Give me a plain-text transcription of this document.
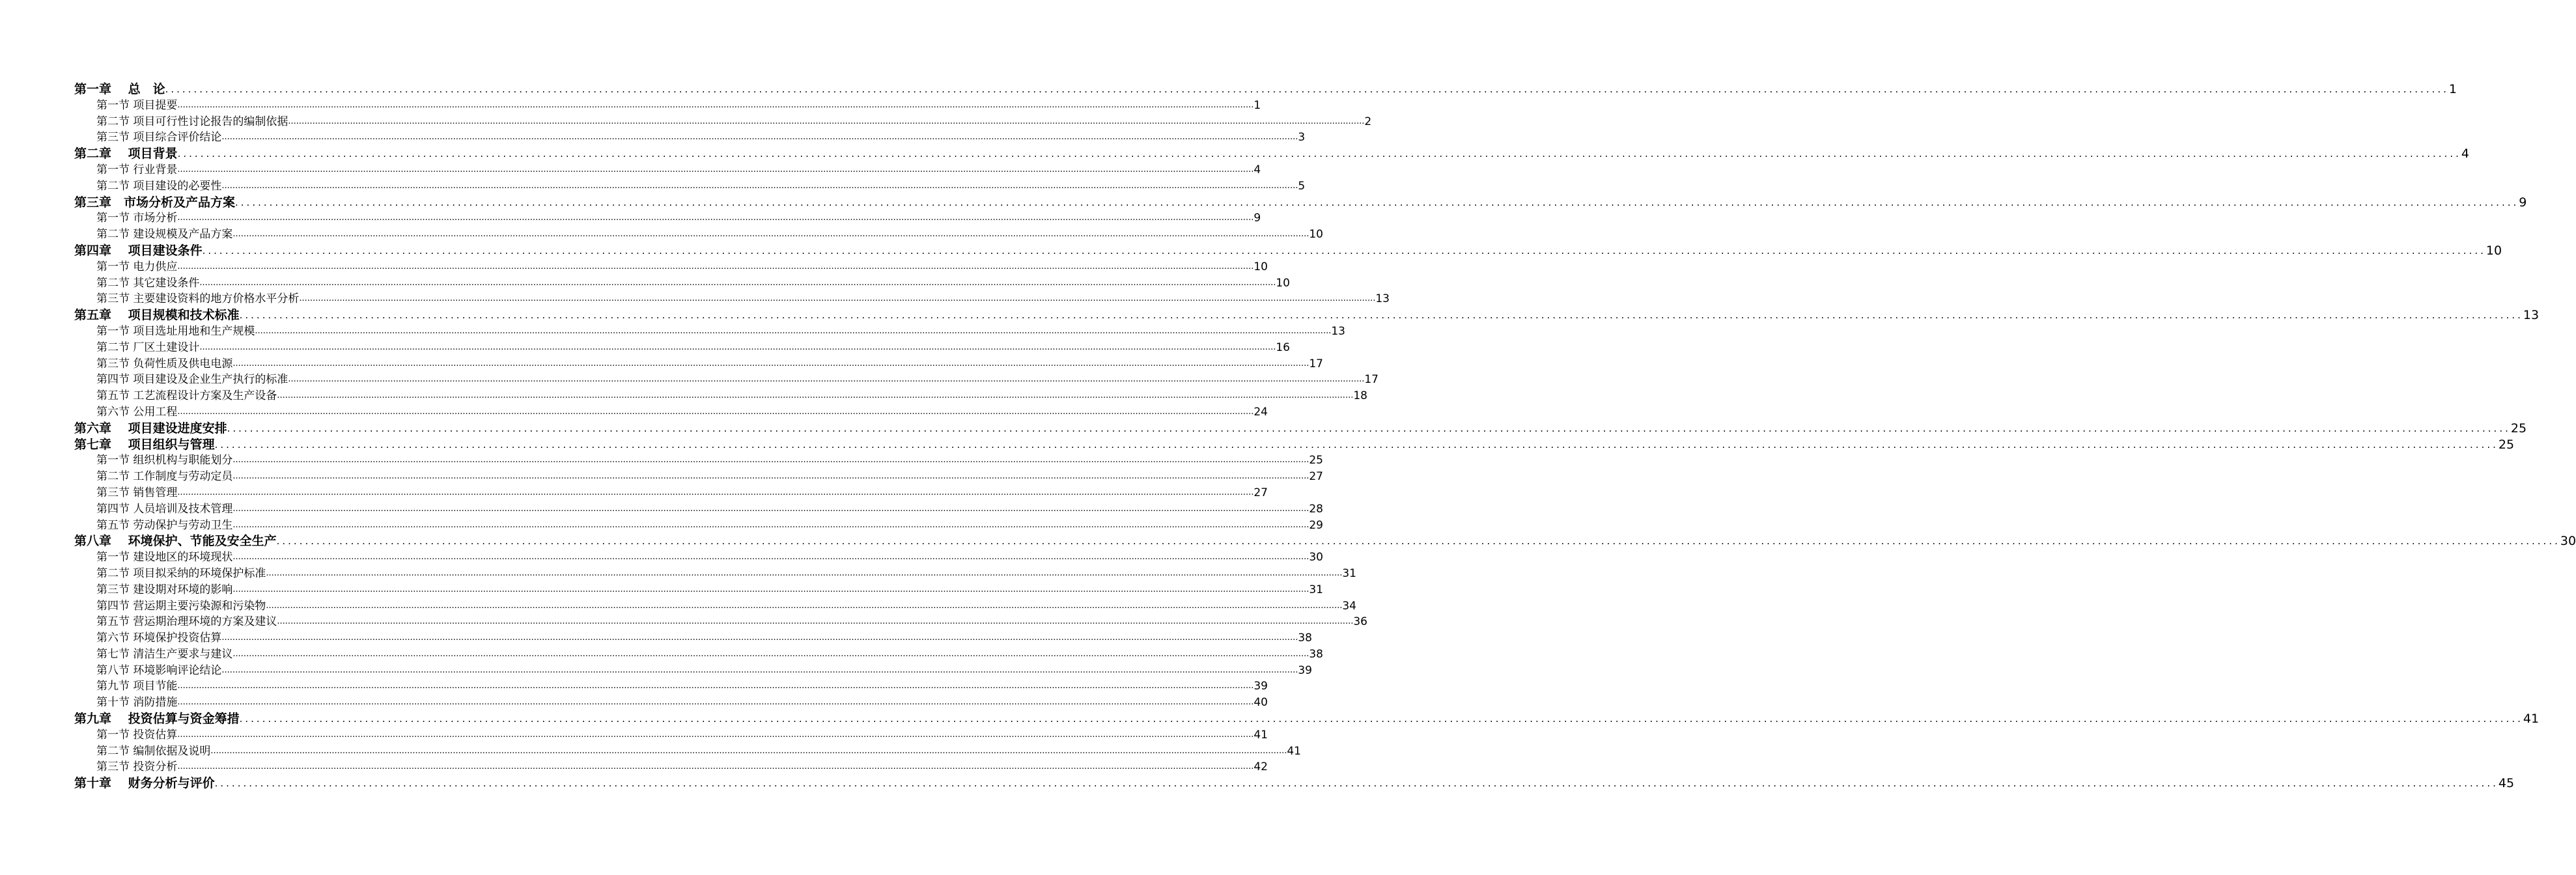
第一章　 总　论 ................................................................................................................................................................................................................................................................................................................................................................................................................ 1
第一节 项目提要 ................................................................................................................................................................................................................................................................................................................................................................................................................ 1
第二节 项目可行性讨论报告的编制依据 ................................................................................................................................................................................................................................................................................................................................................................................................................ 2
第三节 项目综合评价结论 ................................................................................................................................................................................................................................................................................................................................................................................................................ 3
第二章　 项目背景 ................................................................................................................................................................................................................................................................................................................................................................................................................ 4
第一节 行业背景 ................................................................................................................................................................................................................................................................................................................................................................................................................ 4
第二节 项目建设的必要性 ................................................................................................................................................................................................................................................................................................................................................................................................................ 5
第三章　市场分析及产品方案 ................................................................................................................................................................................................................................................................................................................................................................................................................ 9
第一节 市场分析 ................................................................................................................................................................................................................................................................................................................................................................................................................ 9
第二节 建设规模及产品方案 ................................................................................................................................................................................................................................................................................................................................................................................................................ 10
第四章　 项目建设条件 ................................................................................................................................................................................................................................................................................................................................................................................................................ 10
第一节 电力供应 ................................................................................................................................................................................................................................................................................................................................................................................................................ 10
第二节 其它建设条件 ................................................................................................................................................................................................................................................................................................................................................................................................................ 10
第三节 主要建设资料的地方价格水平分析 ................................................................................................................................................................................................................................................................................................................................................................................................................ 13
第五章　 项目规模和技术标准 ................................................................................................................................................................................................................................................................................................................................................................................................................ 13
第一节 项目选址用地和生产规模 ................................................................................................................................................................................................................................................................................................................................................................................................................ 13
第二节 厂区土建设计 ................................................................................................................................................................................................................................................................................................................................................................................................................ 16
第三节 负荷性质及供电电源 ................................................................................................................................................................................................................................................................................................................................................................................................................ 17
第四节 项目建设及企业生产执行的标准 ................................................................................................................................................................................................................................................................................................................................................................................................................ 17
第五节 工艺流程设计方案及生产设备 ................................................................................................................................................................................................................................................................................................................................................................................................................ 18
第六节 公用工程 ................................................................................................................................................................................................................................................................................................................................................................................................................ 24
第六章　 项目建设进度安排 ................................................................................................................................................................................................................................................................................................................................................................................................................ 25
第七章　 项目组织与管理 ................................................................................................................................................................................................................................................................................................................................................................................................................ 25
第一节 组织机构与职能划分 ................................................................................................................................................................................................................................................................................................................................................................................................................ 25
第二节 工作制度与劳动定员 ................................................................................................................................................................................................................................................................................................................................................................................................................ 27
第三节 销售管理 ................................................................................................................................................................................................................................................................................................................................................................................................................ 27
第四节 人员培训及技术管理 ................................................................................................................................................................................................................................................................................................................................................................................................................ 28
第五节 劳动保护与劳动卫生 ................................................................................................................................................................................................................................................................................................................................................................................................................ 29
第八章　 环境保护、节能及安全生产 ................................................................................................................................................................................................................................................................................................................................................................................................................ 30
第一节 建设地区的环境现状 ................................................................................................................................................................................................................................................................................................................................................................................................................ 30
第二节 项目拟采纳的环境保护标准 ................................................................................................................................................................................................................................................................................................................................................................................................................ 31
第三节 建设期对环境的影响 ................................................................................................................................................................................................................................................................................................................................................................................................................ 31
第四节 营运期主要污染源和污染物 ................................................................................................................................................................................................................................................................................................................................................................................................................ 34
第五节 营运期治理环境的方案及建议 ................................................................................................................................................................................................................................................................................................................................................................................................................ 36
第六节 环境保护投资估算 ................................................................................................................................................................................................................................................................................................................................................................................................................ 38
第七节 清洁生产要求与建议 ................................................................................................................................................................................................................................................................................................................................................................................................................ 38
第八节 环境影响评论结论 ................................................................................................................................................................................................................................................................................................................................................................................................................ 39
第九节 项目节能 ................................................................................................................................................................................................................................................................................................................................................................................................................ 39
第十节 消防措施 ................................................................................................................................................................................................................................................................................................................................................................................................................ 40
第九章　 投资估算与资金筹措 ................................................................................................................................................................................................................................................................................................................................................................................................................ 41
第一节 投资估算 ................................................................................................................................................................................................................................................................................................................................................................................................................ 41
第二节 编制依据及说明 ................................................................................................................................................................................................................................................................................................................................................................................................................ 41
第三节 投资分析 ................................................................................................................................................................................................................................................................................................................................................................................................................ 42
第十章　 财务分析与评价 ................................................................................................................................................................................................................................................................................................................................................................................................................ 45
